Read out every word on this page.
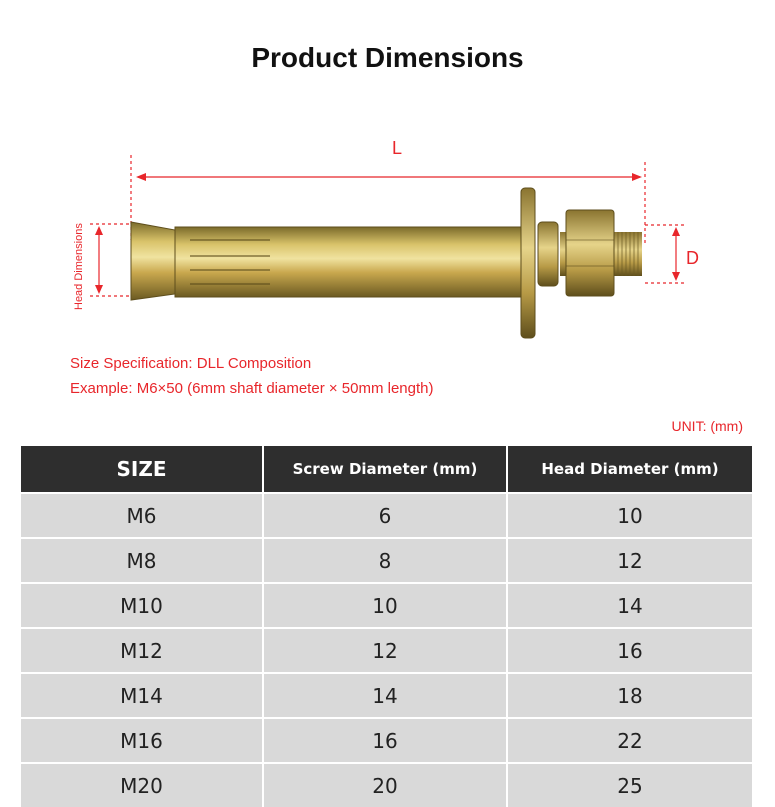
Product Dimensions
L
D
Head Dimensions
Size Specification: DLL Composition
Example: M6×50 (6mm shaft diameter × 50mm length)
UNIT: (mm)
SIZE	Screw Diameter (mm)	Head Diameter (mm)
M6	6	10
M8	8	12
M10	10	14
M12	12	16
M14	14	18
M16	16	22
M20	20	25
